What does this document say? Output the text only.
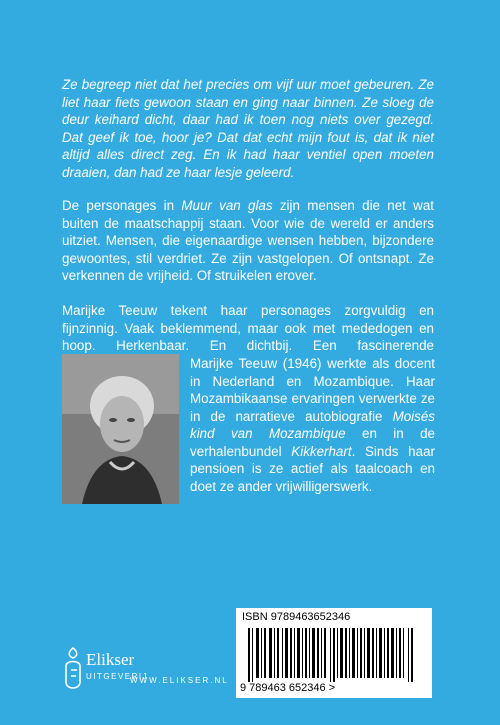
Ze begreep niet dat het precies om vijf uur moet gebeuren. Ze liet haar fiets gewoon staan en ging naar binnen. Ze sloeg de deur keihard dicht, daar had ik toen nog niets over gezegd. Dat geef ik toe, hoor je? Dat dat echt mijn fout is, dat ik niet altijd alles direct zeg. En ik had haar ventiel open moeten draaien, dan had ze haar lesje geleerd.

De personages in Muur van glas zijn mensen die net wat buiten de maatschappij staan. Voor wie de wereld er anders uitziet. Mensen, die eigenaardige wensen hebben, bijzondere gewoontes, stil verdriet. Ze zijn vastgelopen. Of ontsnapt. Ze verkennen de vrijheid. Of struikelen erover.

Marijke Teeuw tekent haar personages zorgvuldig en fijnzinnig. Vaak beklemmend, maar ook met mededogen en hoop. Herkenbaar. En dichtbij. Een fascinerende

Marijke Teeuw (1946) werkte als docent in Nederland en Mozambique. Haar Mozambikaanse ervaringen verwerkte ze in de narratieve autobiografie Moisés kind van Mozambique en in de verhalenbundel Kikkerhart. Sinds haar pensioen is ze actief als taalcoach en doet ze ander vrijwilligerswerk.

Elikser
UITGEVERIJ
WWW.ELIKSER.NL
ISBN 9789463652346
9 789463 652346 >
